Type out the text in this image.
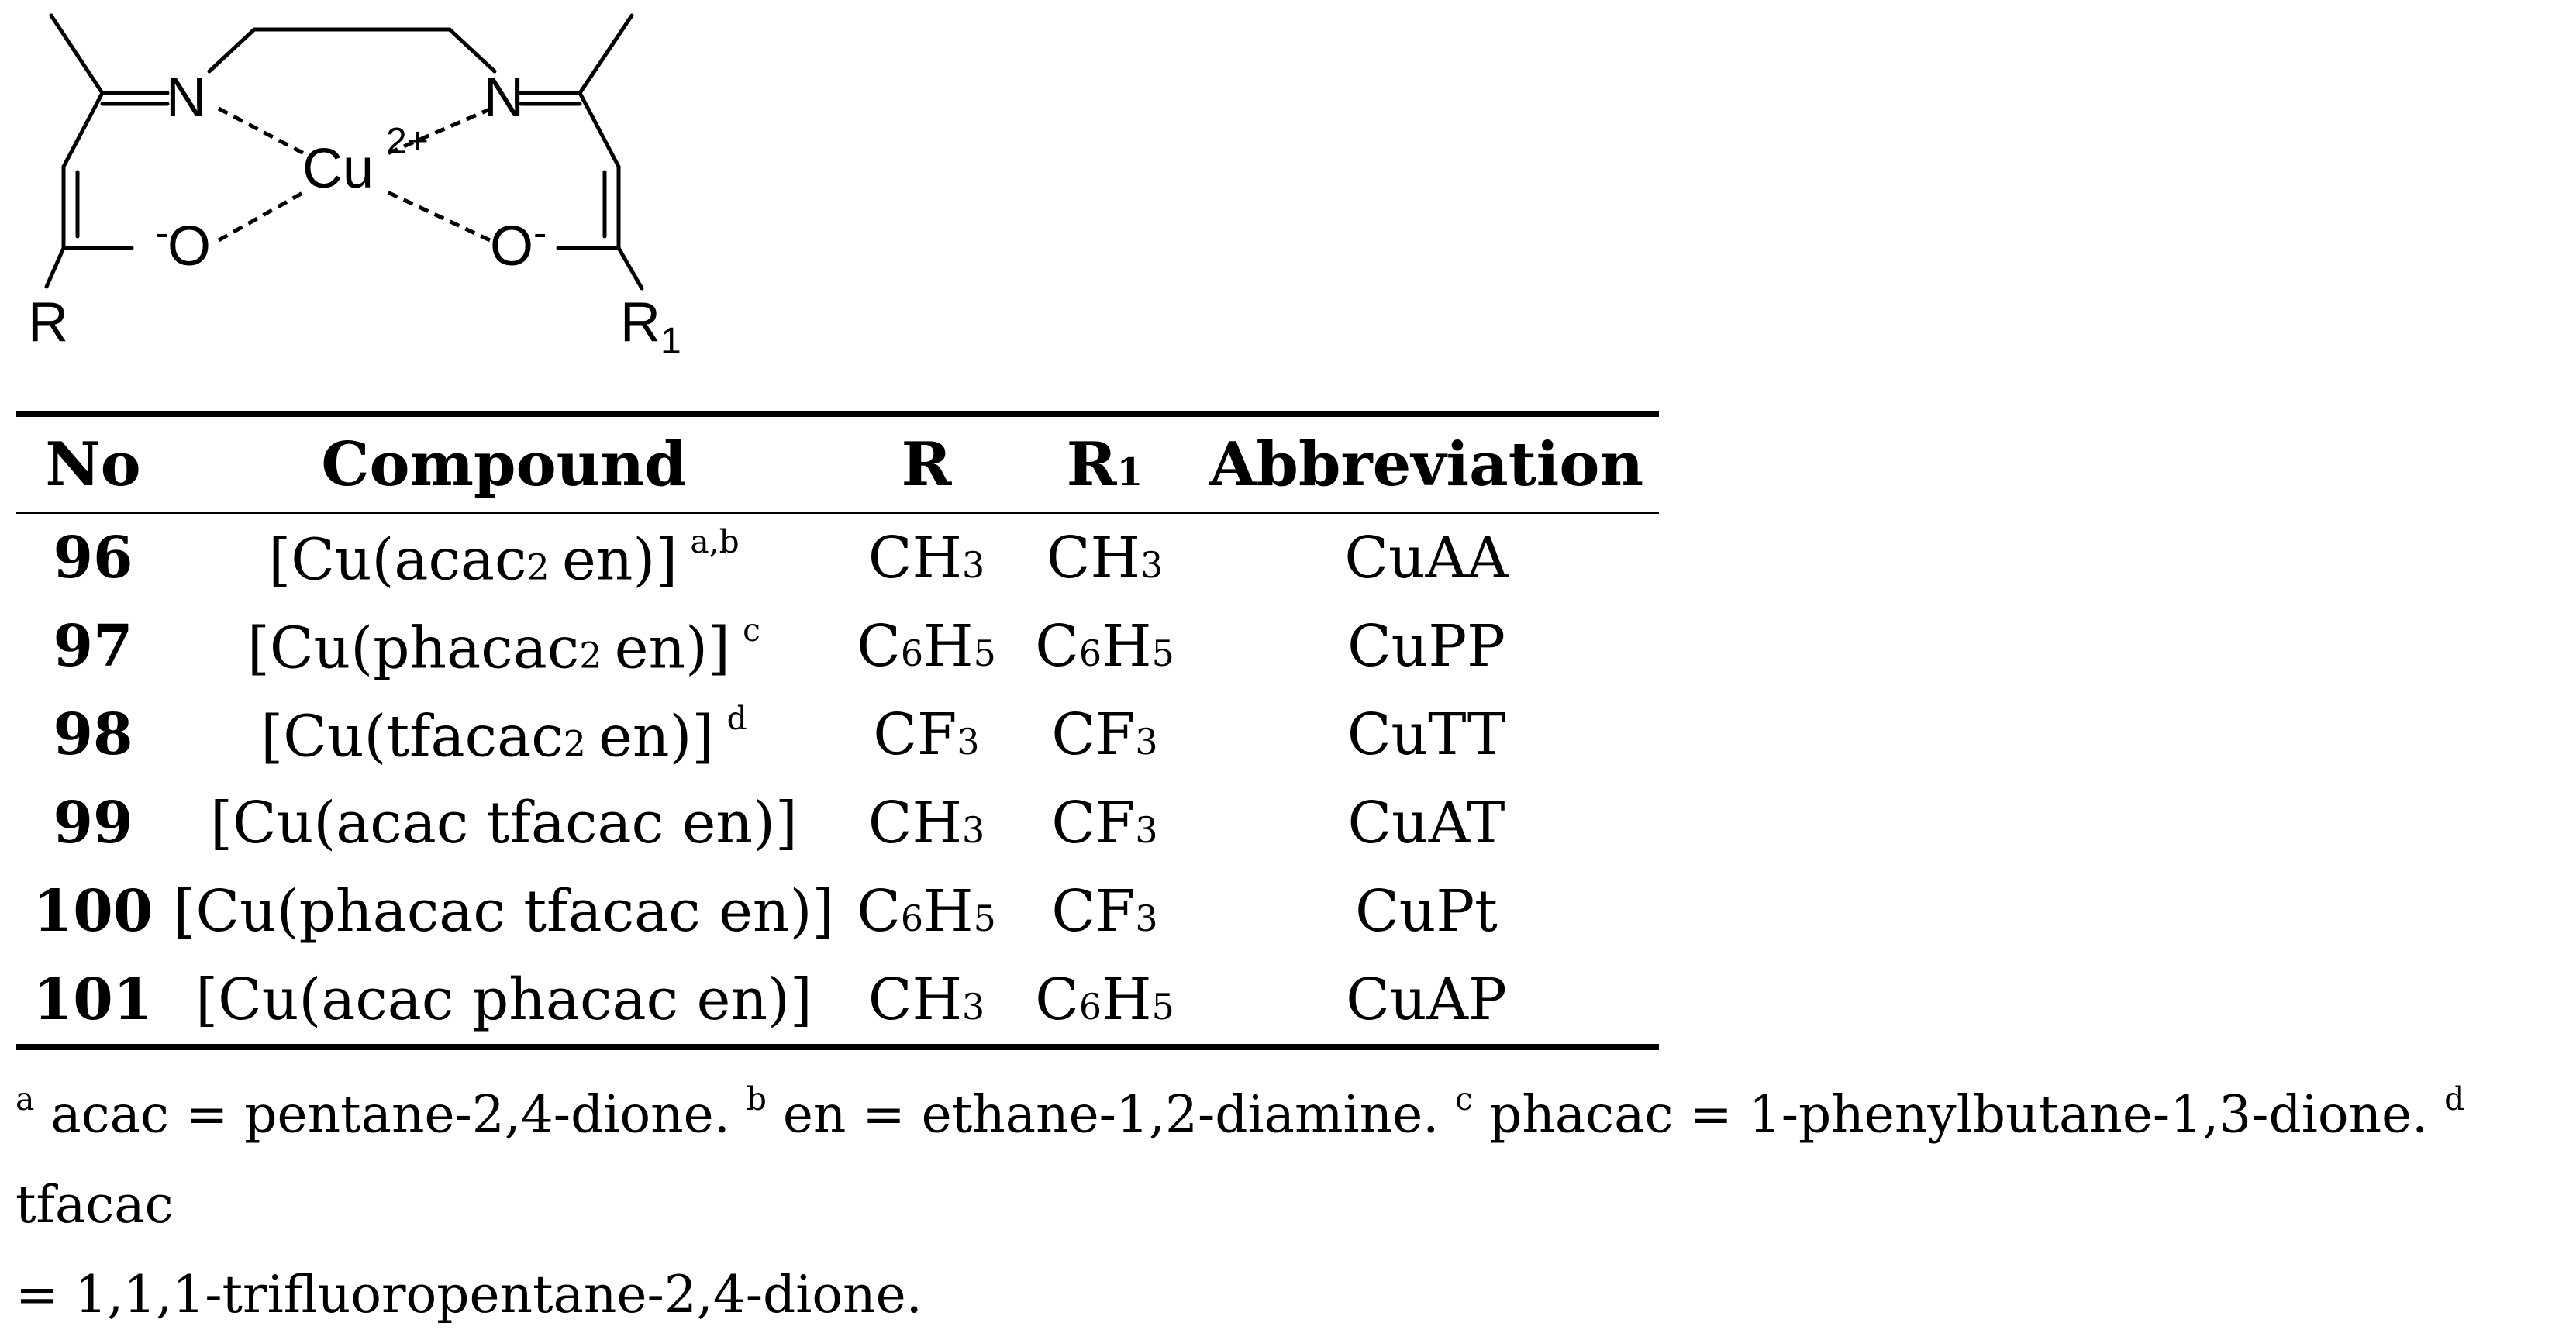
N	N
Cu 2+
O
-	O -
R	R 1
No	Compound	R	R1	Abbreviation
96	[Cu(acac2 en)] $^{a,b}$	CH3	CH3	CuAA
97	[Cu(phacac2 en)] $^c$	C6H5	C6H5	CuPP
98	[Cu(tfacac2 en)] $^d$	CF3	CF3	CuTT
99	[Cu(acac tfacac en)]	CH3	CF3	CuAT
100	[Cu(phacac tfacac en)]	C6H5	CF3	CuPt
101	[Cu(acac phacac en)]	CH3	C6H5	CuAP
$^a$ acac = pentane-2,4-dione. $^b$ en = ethane-1,2-diamine. $^c$ phacac = 1-phenylbutane-1,3-dione. $^d$ tfacac
= 1,1,1-trifluoropentane-2,4-dione.
